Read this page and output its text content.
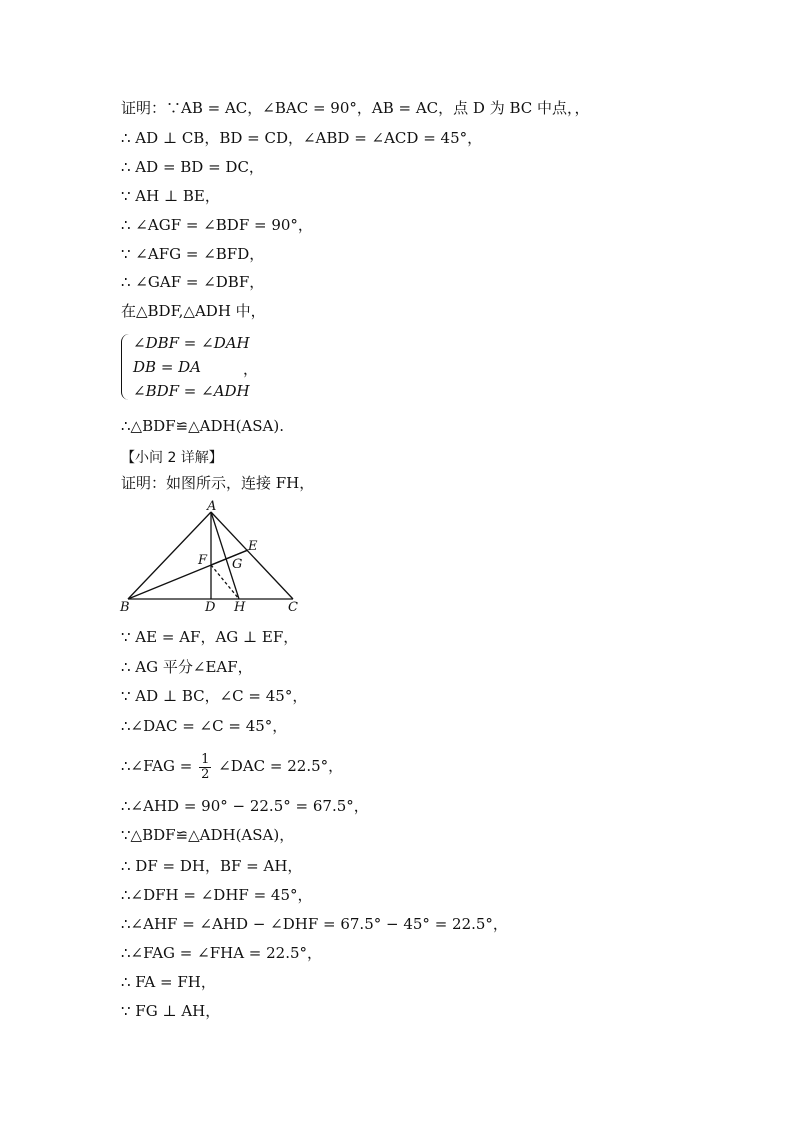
证明：∵AB = AC，∠BAC = 90°，AB = AC，点 D 为 BC 中点，，
∴ AD ⊥ CB，BD = CD，∠ABD = ∠ACD = 45°，
∴ AD = BD = DC，
∵ AH ⊥ BE，
∴ ∠AGF = ∠BDF = 90°，
∵ ∠AFG = ∠BFD，
∴ ∠GAF = ∠DBF，
在△BDF,△ADH 中，
∠DBF = ∠DAH
DB = DA
∠BDF = ∠ADH
，
∴△BDF≌△ADH(ASA).
【小问 2 详解】
证明：如图所示，连接 FH，
A
B	C
D
E
F G
H
∵ AE = AF，AG ⊥ EF，
∴ AG 平分∠EAF，
∵ AD ⊥ BC，∠C = 45°，
∴∠DAC = ∠C = 45°，
∴∠FAG = $\frac{1}{2}$ ∠DAC = 22.5°，
∴∠AHD = 90° − 22.5° = 67.5°，
∵△BDF≌△ADH(ASA)，
∴ DF = DH，BF = AH，
∴∠DFH = ∠DHF = 45°，
∴∠AHF = ∠AHD − ∠DHF = 67.5° − 45° = 22.5°，
∴∠FAG = ∠FHA = 22.5°，
∴ FA = FH，
∵ FG ⊥ AH，
